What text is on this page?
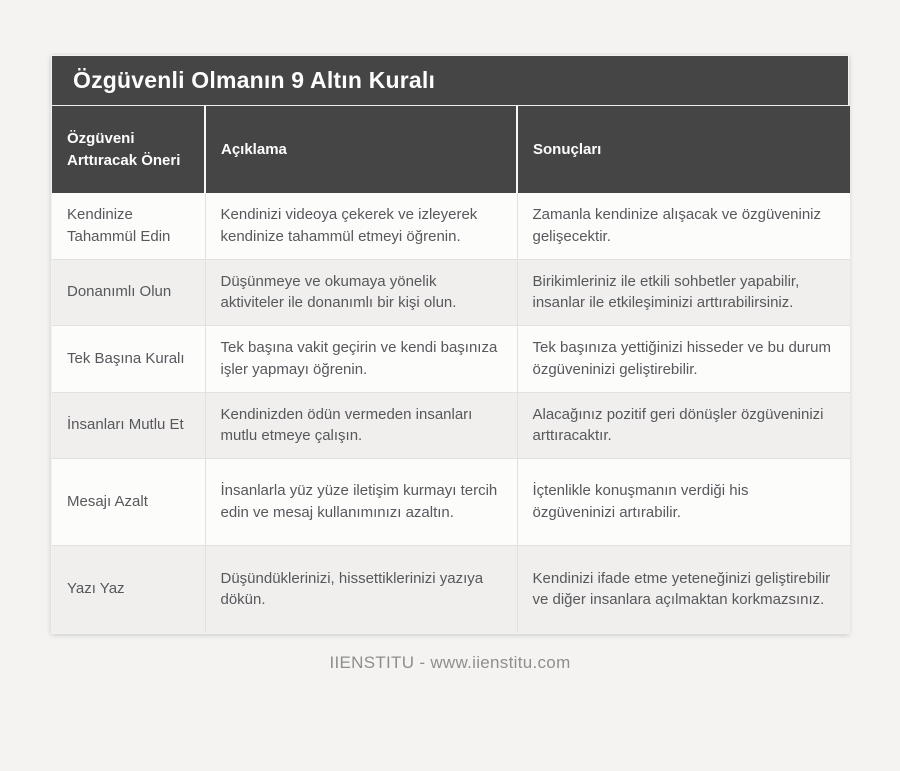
Özgüvenli Olmanın 9 Altın Kuralı
Özgüveni Arttıracak Öneri	Açıklama	Sonuçları
Kendinize Tahammül Edin	Kendinizi videoya çekerek ve izleyerek kendinize tahammül etmeyi öğrenin.	Zamanla kendinize alışacak ve özgüveniniz gelişecektir.
Donanımlı Olun	Düşünmeye ve okumaya yönelik aktiviteler ile donanımlı bir kişi olun.	Birikimleriniz ile etkili sohbetler yapabilir, insanlar ile etkileşiminizi arttırabilirsiniz.
Tek Başına Kuralı	Tek başına vakit geçirin ve kendi başınıza işler yapmayı öğrenin.	Tek başınıza yettiğinizi hisseder ve bu durum özgüveninizi geliştirebilir.
İnsanları Mutlu Et	Kendinizden ödün vermeden insanları mutlu etmeye çalışın.	Alacağınız pozitif geri dönüşler özgüveninizi arttıracaktır.
Mesajı Azalt	İnsanlarla yüz yüze iletişim kurmayı tercih edin ve mesaj kullanımınızı azaltın.	İçtenlikle konuşmanın verdiği his özgüveninizi artırabilir.
Yazı Yaz	Düşündüklerinizi, hissettiklerinizi yazıya dökün.	Kendinizi ifade etme yeteneğinizi geliştirebilir ve diğer insanlara açılmaktan korkmazsınız.
IIENSTITU - www.iienstitu.com
